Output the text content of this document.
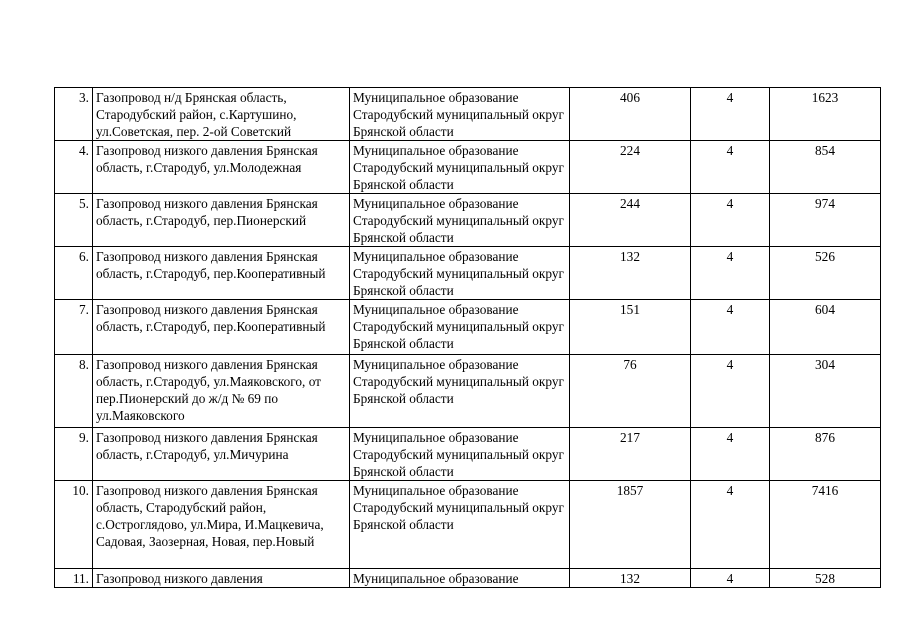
3.	Газопровод н/д Брянская область, Стародубский район, с.Картушино, ул.Советская, пер. 2-ой Советский	Муниципальное образование Стародубский муниципальный округ Брянской области	406	4	1623
4.	Газопровод низкого давления Брянская область, г.Стародуб, ул.Молодежная	Муниципальное образование Стародубский муниципальный округ Брянской области	224	4	854
5.	Газопровод низкого давления Брянская область, г.Стародуб, пер.Пионерский	Муниципальное образование Стародубский муниципальный округ Брянской области	244	4	974
6.	Газопровод низкого давления Брянская область, г.Стародуб, пер.Кооперативный	Муниципальное образование Стародубский муниципальный округ Брянской области	132	4	526
7.	Газопровод низкого давления Брянская область, г.Стародуб, пер.Кооперативный	Муниципальное образование Стародубский муниципальный округ Брянской области	151	4	604
8.	Газопровод низкого давления Брянская область, г.Стародуб, ул.Маяковского, от пер.Пионерский до ж/д № 69 по ул.Маяковского	Муниципальное образование Стародубский муниципальный округ Брянской области	76	4	304
9.	Газопровод низкого давления Брянская область, г.Стародуб, ул.Мичурина	Муниципальное образование Стародубский муниципальный округ Брянской области	217	4	876
10.	Газопровод низкого давления Брянская область, Стародубский район, с.Остроглядово, ул.Мира, И.Мацкевича, Садовая, Заозерная, Новая, пер.Новый	Муниципальное образование Стародубский муниципальный округ Брянской области	1857	4	7416
11.	Газопровод низкого давления	Муниципальное образование	132	4	528
